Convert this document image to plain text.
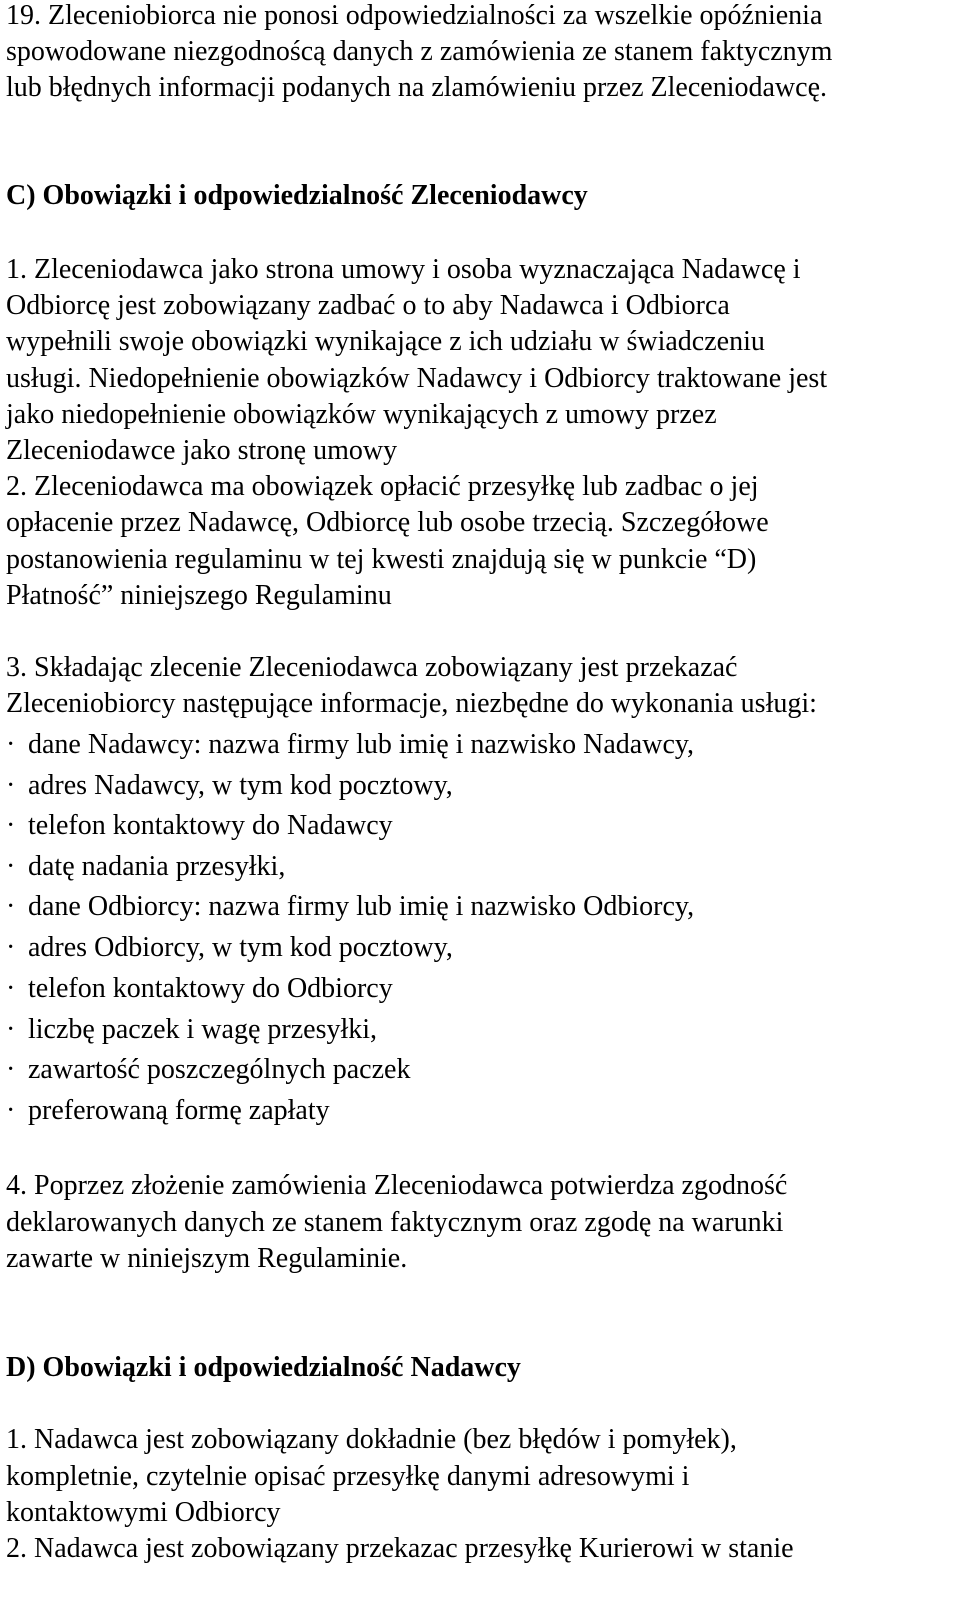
19. Zleceniobiorca nie ponosi odpowiedzialności za wszelkie opóźnienia
spowodowane niezgodnoścą danych z zamówienia ze stanem faktycznym
lub błędnych informacji podanych na zlamówieniu przez Zleceniodawcę.
C) Obowiązki i odpowiedzialność Zleceniodawcy
1. Zleceniodawca jako strona umowy i osoba wyznaczająca Nadawcę i
Odbiorcę jest zobowiązany zadbać o to aby Nadawca i Odbiorca
wypełnili swoje obowiązki wynikające z ich udziału w świadczeniu
usługi. Niedopełnienie obowiązków Nadawcy i Odbiorcy traktowane jest
jako niedopełnienie obowiązków wynikających z umowy przez
Zleceniodawce jako stronę umowy
2. Zleceniodawca ma obowiązek opłacić przesyłkę lub zadbac o jej
opłacenie przez Nadawcę, Odbiorcę lub osobe trzecią. Szczegółowe
postanowienia regulaminu w tej kwesti znajdują się w punkcie “D)
Płatność” niniejszego Regulaminu
3. Składając zlecenie Zleceniodawca zobowiązany jest przekazać
Zleceniobiorcy następujące informacje, niezbędne do wykonania usługi:
· dane Nadawcy: nazwa firmy lub imię i nazwisko Nadawcy,
· adres Nadawcy, w tym kod pocztowy,
· telefon kontaktowy do Nadawcy
· datę nadania przesyłki,
· dane Odbiorcy: nazwa firmy lub imię i nazwisko Odbiorcy,
· adres Odbiorcy, w tym kod pocztowy,
· telefon kontaktowy do Odbiorcy
· liczbę paczek i wagę przesyłki,
· zawartość poszczególnych paczek
· preferowaną formę zapłaty
4. Poprzez złożenie zamówienia Zleceniodawca potwierdza zgodność
deklarowanych danych ze stanem faktycznym oraz zgodę na warunki
zawarte w niniejszym Regulaminie.
D) Obowiązki i odpowiedzialność Nadawcy
1. Nadawca jest zobowiązany dokładnie (bez błędów i pomyłek),
kompletnie, czytelnie opisać przesyłkę danymi adresowymi i
kontaktowymi Odbiorcy
2. Nadawca jest zobowiązany przekazac przesyłkę Kurierowi w stanie
